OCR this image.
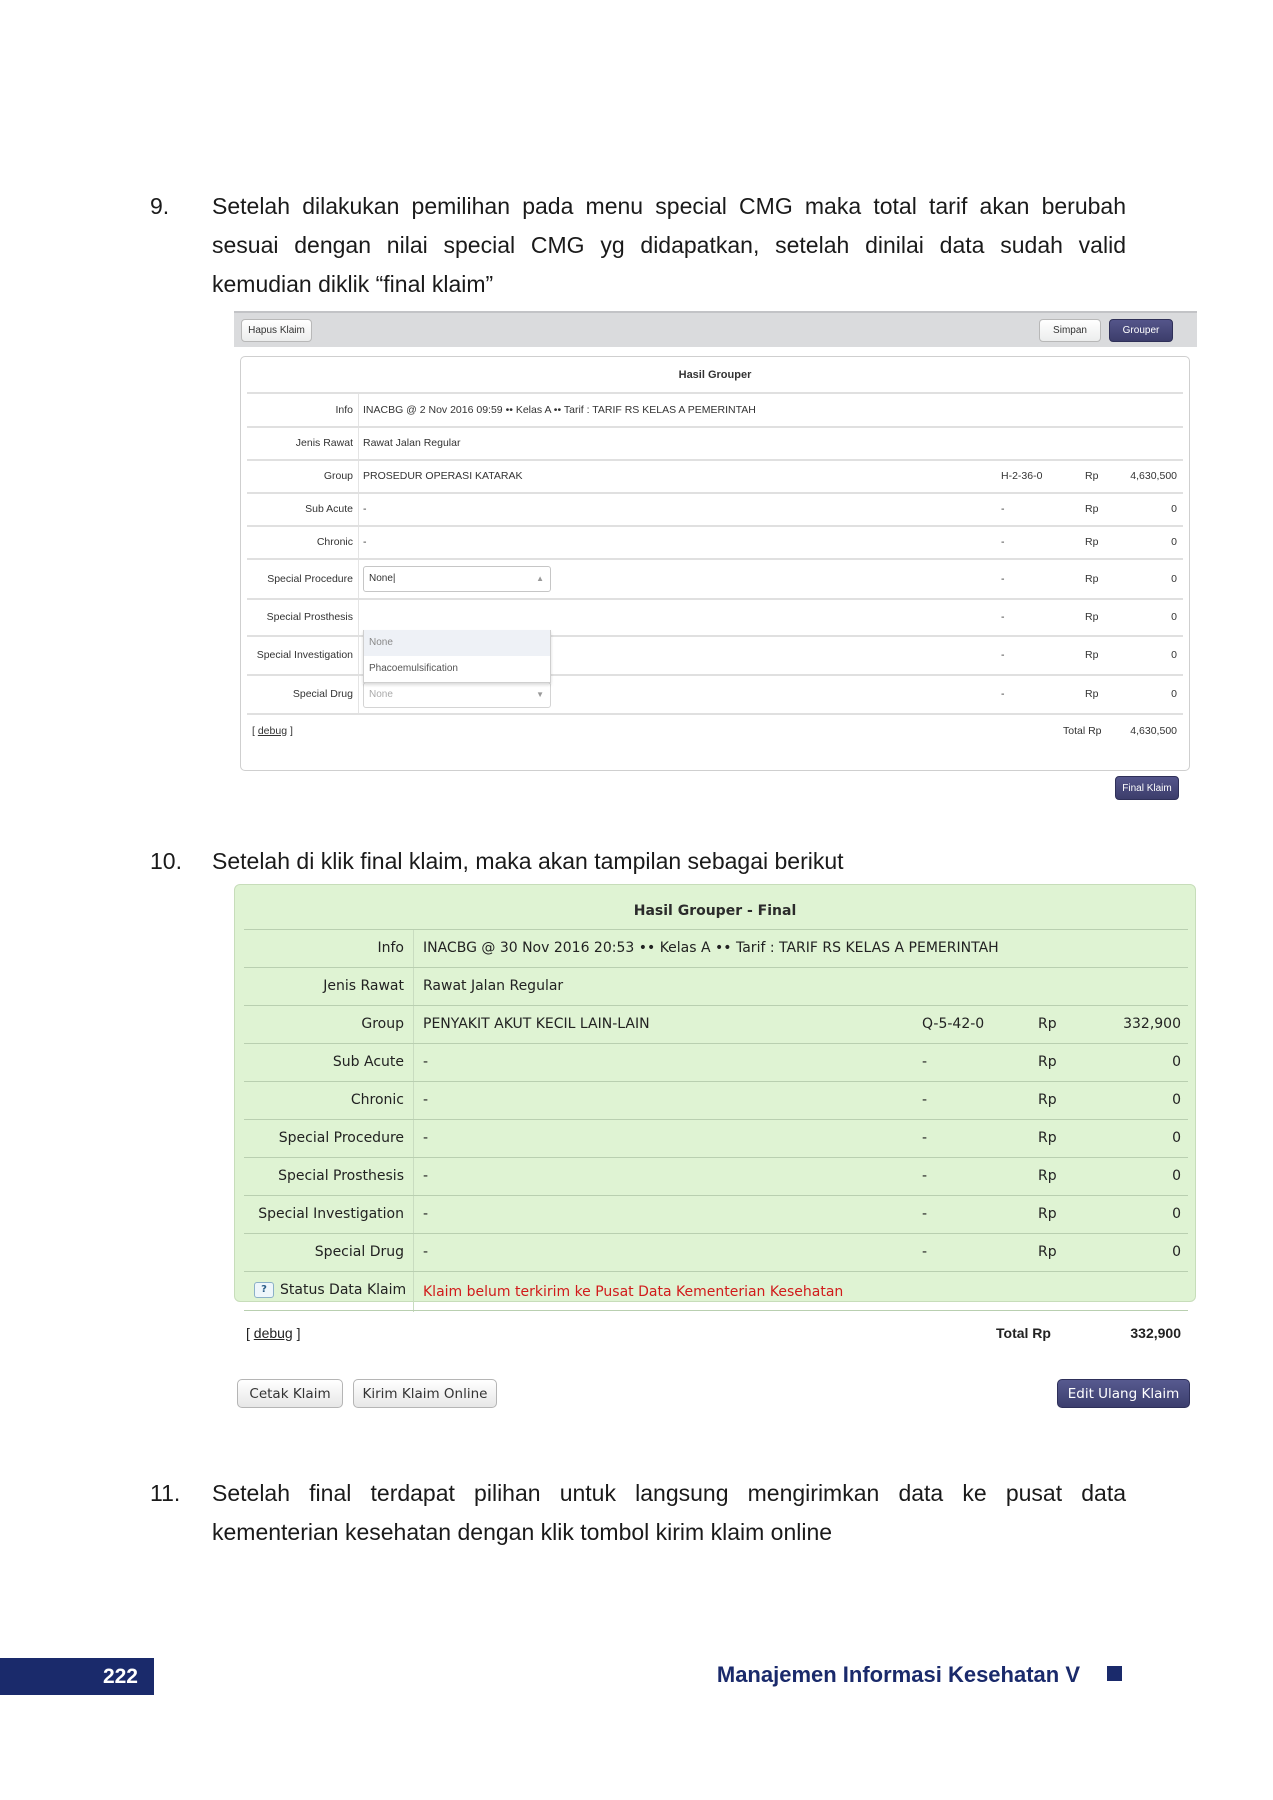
9. Setelah dilakukan pemilihan pada menu special CMG maka total tarif akan berubah sesuai dengan nilai special CMG yg didapatkan, setelah dinilai data sudah valid kemudian diklik “final klaim”
Hapus Klaim	Simpan	Grouper
Hasil Grouper
Info INACBG @ 2 Nov 2016 09:59 •• Kelas A •• Tarif : TARIF RS KELAS A PEMERINTAH
Jenis Rawat Rawat Jalan Regular
Group PROSEDUR OPERASI KATARAK	H-2-36-0	Rp	4,630,500
Sub Acute -	-	Rp	0
Chronic -	-	Rp	0
Special Procedure	None|	▲	-	Rp	0
Special Prosthesis	-	Rp	0
Special Investigation	-	Rp	0
Special Drug	None	▼	-	Rp	0
[ debug ]	Total Rp	4,630,500
None
Phacoemulsification
Final Klaim
10. Setelah di klik final klaim, maka akan tampilan sebagai berikut
Hasil Grouper - Final
Info INACBG @ 30 Nov 2016 20:53 •• Kelas A •• Tarif : TARIF RS KELAS A PEMERINTAH
Jenis Rawat Rawat Jalan Regular
Group PENYAKIT AKUT KECIL LAIN-LAIN	Q-5-42-0	Rp	332,900
Sub Acute -	-	Rp	0
Chronic -	-	Rp	0
Special Procedure -	-	Rp	0
Special Prosthesis -	-	Rp	0
Special Investigation -	-	Rp	0
Special Drug -	-	Rp	0
? Status Data Klaim Klaim belum terkirim ke Pusat Data Kementerian Kesehatan
[ debug ]	Total Rp	332,900
Cetak Klaim	Kirim Klaim Online	Edit Ulang Klaim
11. Setelah final terdapat pilihan untuk langsung mengirimkan data ke pusat data kementerian kesehatan dengan klik tombol kirim klaim online
222	Manajemen Informasi Kesehatan V
